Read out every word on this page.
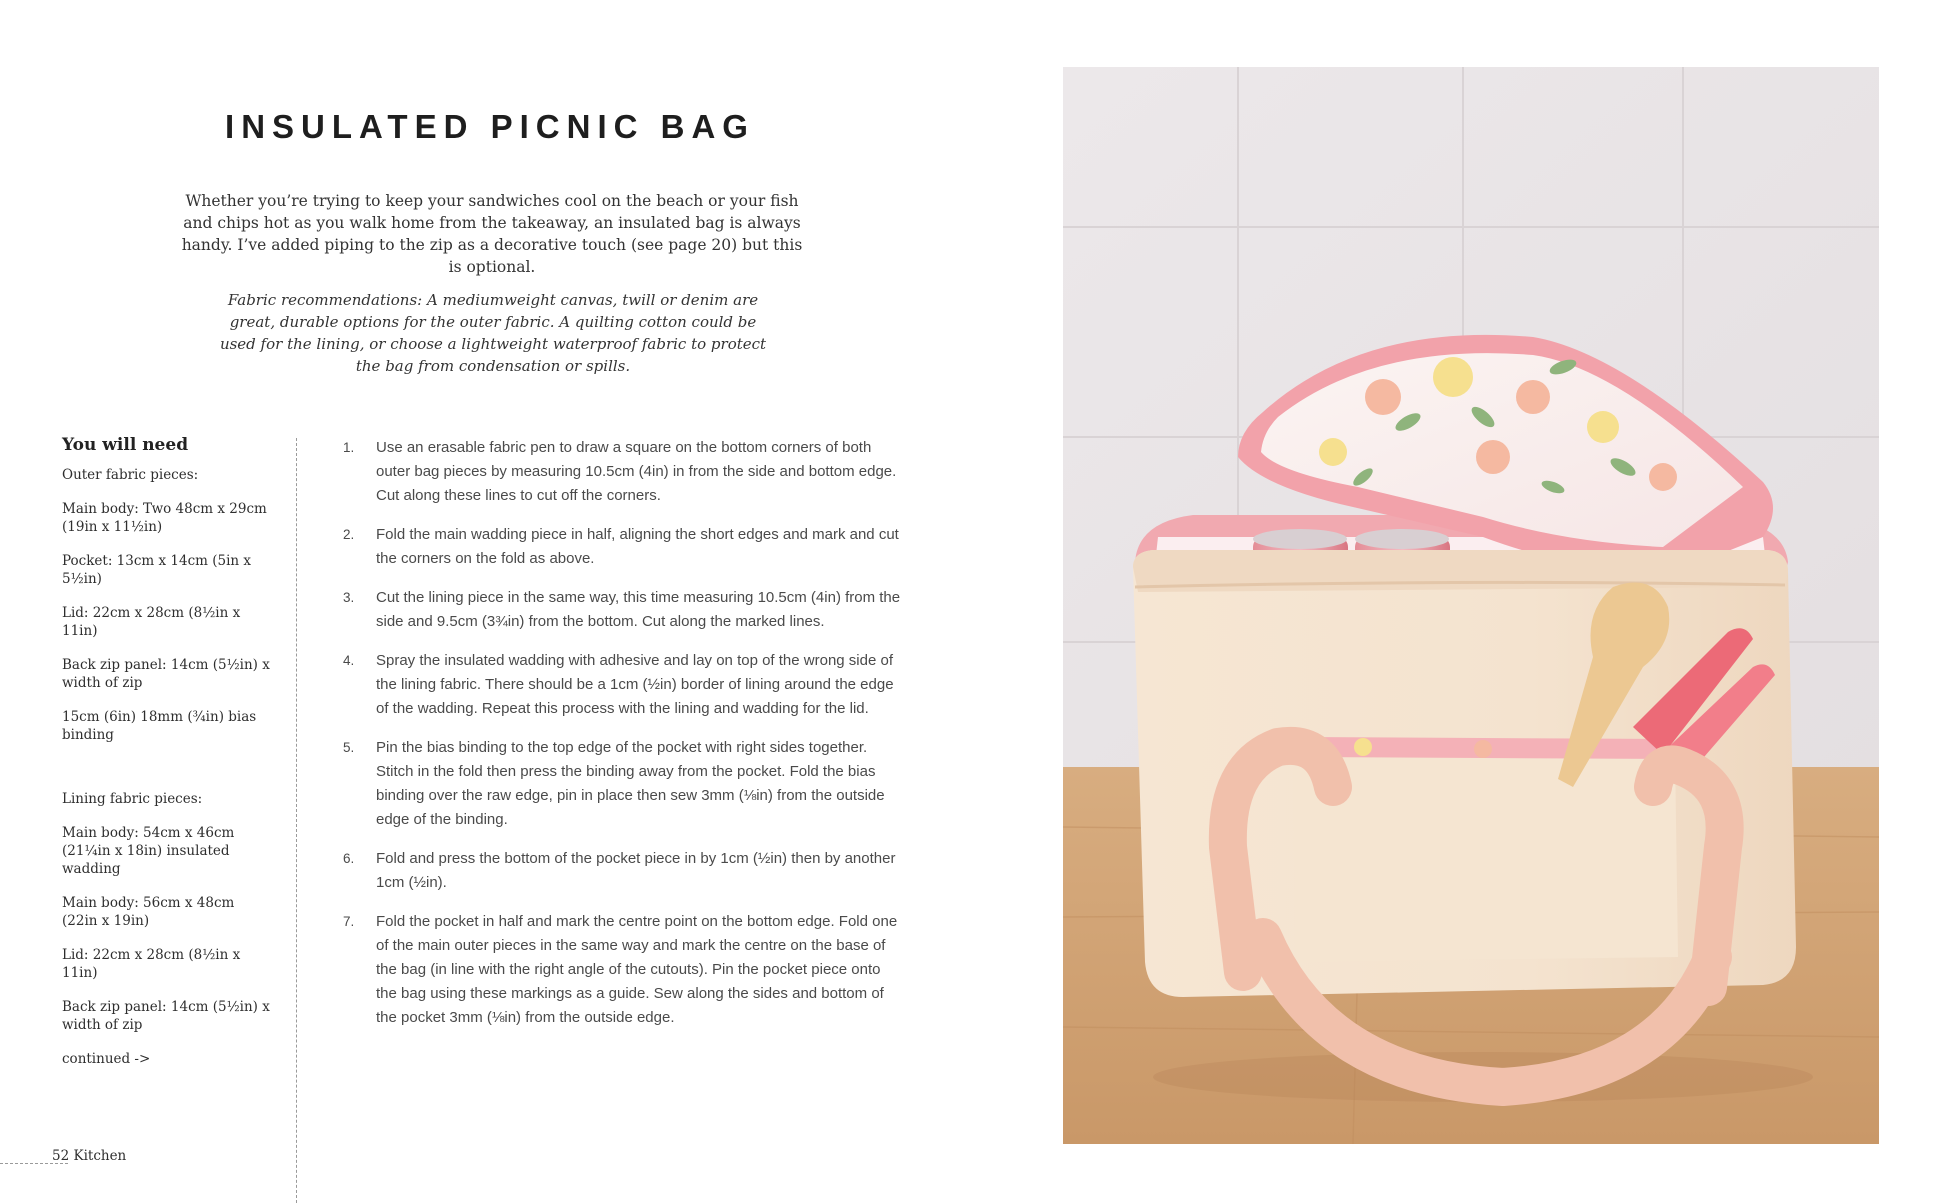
INSULATED PICNIC BAG

Whether you’re trying to keep your sandwiches cool on the beach or your fish and chips hot as you walk home from the takeaway, an insulated bag is always handy. I’ve added piping to the zip as a decorative touch (see page 20) but this is optional.

Fabric recommendations: A mediumweight canvas, twill or denim are great, durable options for the outer fabric. A quilting cotton could be used for the lining, or choose a lightweight waterproof fabric to protect the bag from condensation or spills.

You will need
Outer fabric pieces:
Main body: Two 48cm x 29cm (19in x 11½in)
Pocket: 13cm x 14cm (5in x 5½in)
Lid: 22cm x 28cm (8½in x 11in)
Back zip panel: 14cm (5½in) x width of zip
15cm (6in) 18mm (¾in) bias binding
Lining fabric pieces:
Main body: 54cm x 46cm (21¼in x 18in) insulated wadding
Main body: 56cm x 48cm (22in x 19in)
Lid: 22cm x 28cm (8½in x 11in)
Back zip panel: 14cm (5½in) x width of zip
continued ->
1. Use an erasable fabric pen to draw a square on the bottom corners of both outer bag pieces by measuring 10.5cm (4in) in from the side and bottom edge. Cut along these lines to cut off the corners.
2. Fold the main wadding piece in half, aligning the short edges and mark and cut the corners on the fold as above.
3. Cut the lining piece in the same way, this time measuring 10.5cm (4in) from the side and 9.5cm (3¾in) from the bottom. Cut along the marked lines.
4. Spray the insulated wadding with adhesive and lay on top of the wrong side of the lining fabric. There should be a 1cm (½in) border of lining around the edge of the wadding. Repeat this process with the lining and wadding for the lid.
5. Pin the bias binding to the top edge of the pocket with right sides together. Stitch in the fold then press the binding away from the pocket. Fold the bias binding over the raw edge, pin in place then sew 3mm (⅛in) from the outside edge of the binding.
6. Fold and press the bottom of the pocket piece in by 1cm (½in) then by another 1cm (½in).
7. Fold the pocket in half and mark the centre point on the bottom edge. Fold one of the main outer pieces in the same way and mark the centre on the base of the bag (in line with the right angle of the cutouts). Pin the pocket piece onto the bag using these markings as a guide. Sew along the sides and bottom of the pocket 3mm (⅛in) from the outside edge.
52 Kitchen
